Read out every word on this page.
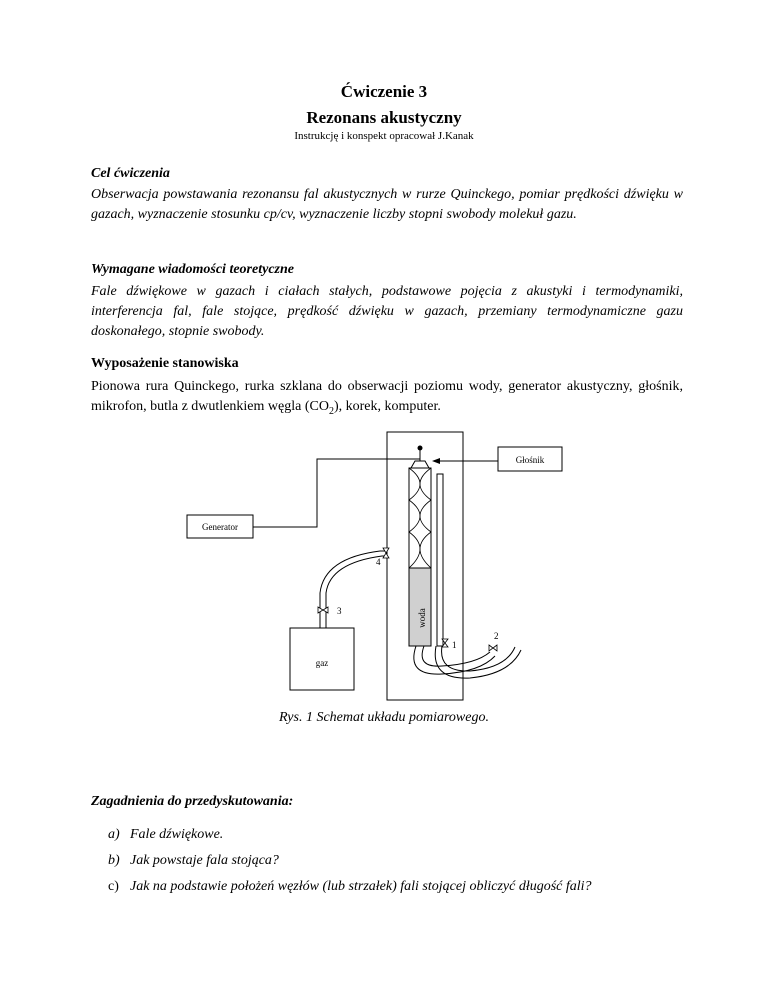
Ćwiczenie 3
Rezonans akustyczny
Instrukcję i konspekt opracował J.Kanak
Cel ćwiczenia
Obserwacja powstawania rezonansu fal akustycznych w rurze Quinckego, pomiar prędkości dźwięku w gazach, wyznaczenie stosunku cp/cv, wyznaczenie liczby stopni swobody molekuł gazu.
Wymagane wiadomości teoretyczne
Fale dźwiękowe w gazach i ciałach stałych, podstawowe pojęcia z akustyki i termodynamiki, interferencja fal, fale stojące, prędkość dźwięku w gazach, przemiany termodynamiczne gazu doskonałego, stopnie swobody.
Wyposażenie stanowiska
Pionowa rura Quinckego, rurka szklana do obserwacji poziomu wody, generator akustyczny, głośnik, mikrofon, butla z dwutlenkiem węgla $(CO_2)$, korek, komputer.
Głośnik
Generator
gaz
3
4
1
2
woda
Rys. 1 Schemat układu pomiarowego.
Zagadnienia do przedyskutowania:
a) Fale dźwiękowe.
b) Jak powstaje fala stojąca?
c) Jak na podstawie położeń węzłów (lub strzałek) fali stojącej obliczyć długość fali?
